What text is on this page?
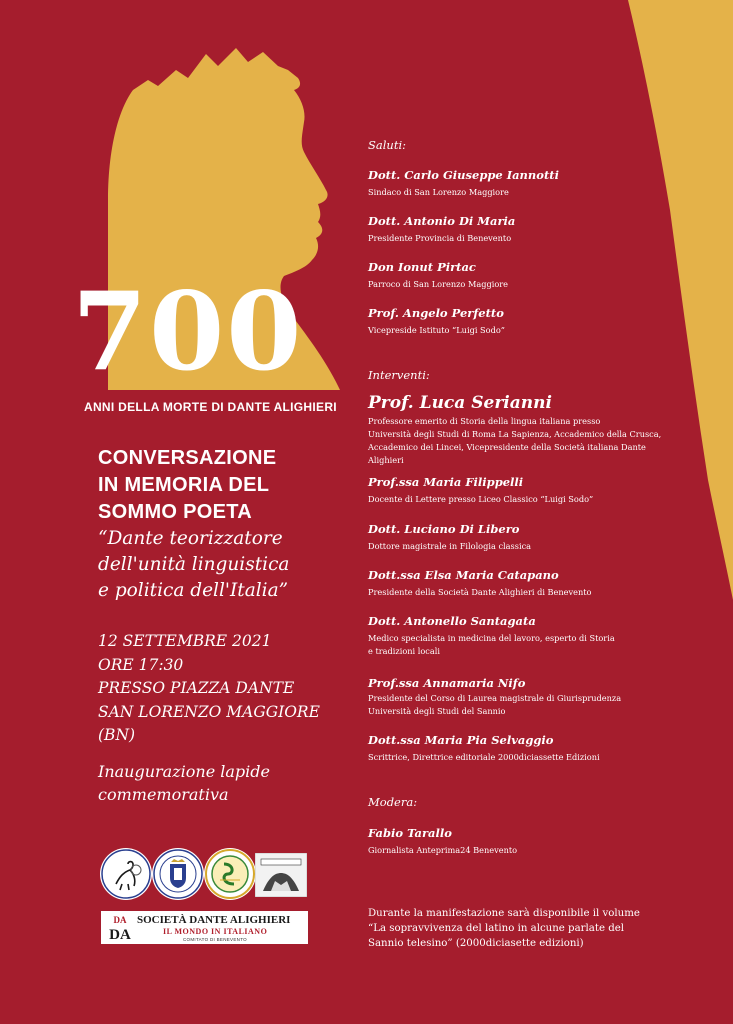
700
ANNI DELLA MORTE DI DANTE ALIGHIERI
CONVERSAZIONE
IN MEMORIA DEL
SOMMO POETA
“Dante teorizzatore
dell'unità linguistica
e politica dell'Italia”
12 SETTEMBRE 2021
ORE 17:30
PRESSO PIAZZA DANTE
SAN LORENZO MAGGIORE
(BN)
Inaugurazione lapide
commemorativa
Saluti:
Dott. Carlo Giuseppe Iannotti
Sindaco di San Lorenzo Maggiore
Dott. Antonio Di Maria
Presidente Provincia di Benevento
Don Ionut Pirtac
Parroco di San Lorenzo Maggiore
Prof. Angelo Perfetto
Vicepreside Istituto “Luigi Sodo”
Interventi:
Prof. Luca Serianni
Professore emerito di Storia della lingua italiana presso
Università degli Studi di Roma La Sapienza, Accademico della Crusca,
Accademico dei Lincei, Vicepresidente della Società italiana Dante
Alighieri
Prof.ssa Maria Filippelli
Docente di Lettere presso Liceo Classico “Luigi Sodo”
Dott. Luciano Di Libero
Dottore magistrale in Filologia classica
Dott.ssa Elsa Maria Catapano
Presidente della Società Dante Alighieri di Benevento
Dott. Antonello Santagata
Medico specialista in medicina del lavoro, esperto di Storia
e tradizioni locali
Prof.ssa Annamaria Nifo
Presidente del Corso di Laurea magistrale di Giurisprudenza
Università degli Studi del Sannio
Dott.ssa Maria Pia Selvaggio
Scrittrice, Direttrice editoriale 2000diciassette Edizioni
Modera:
Fabio Tarallo
Giornalista Anteprima24 Benevento
Durante la manifestazione sarà disponibile il volume
“La sopravvivenza del latino in alcune parlate del
Sannio telesino” (2000diciasette edizioni)
DA
DA
SOCIETÀ DANTE ALIGHIERI
IL MONDO IN ITALIANO
COMITATO DI BENEVENTO
